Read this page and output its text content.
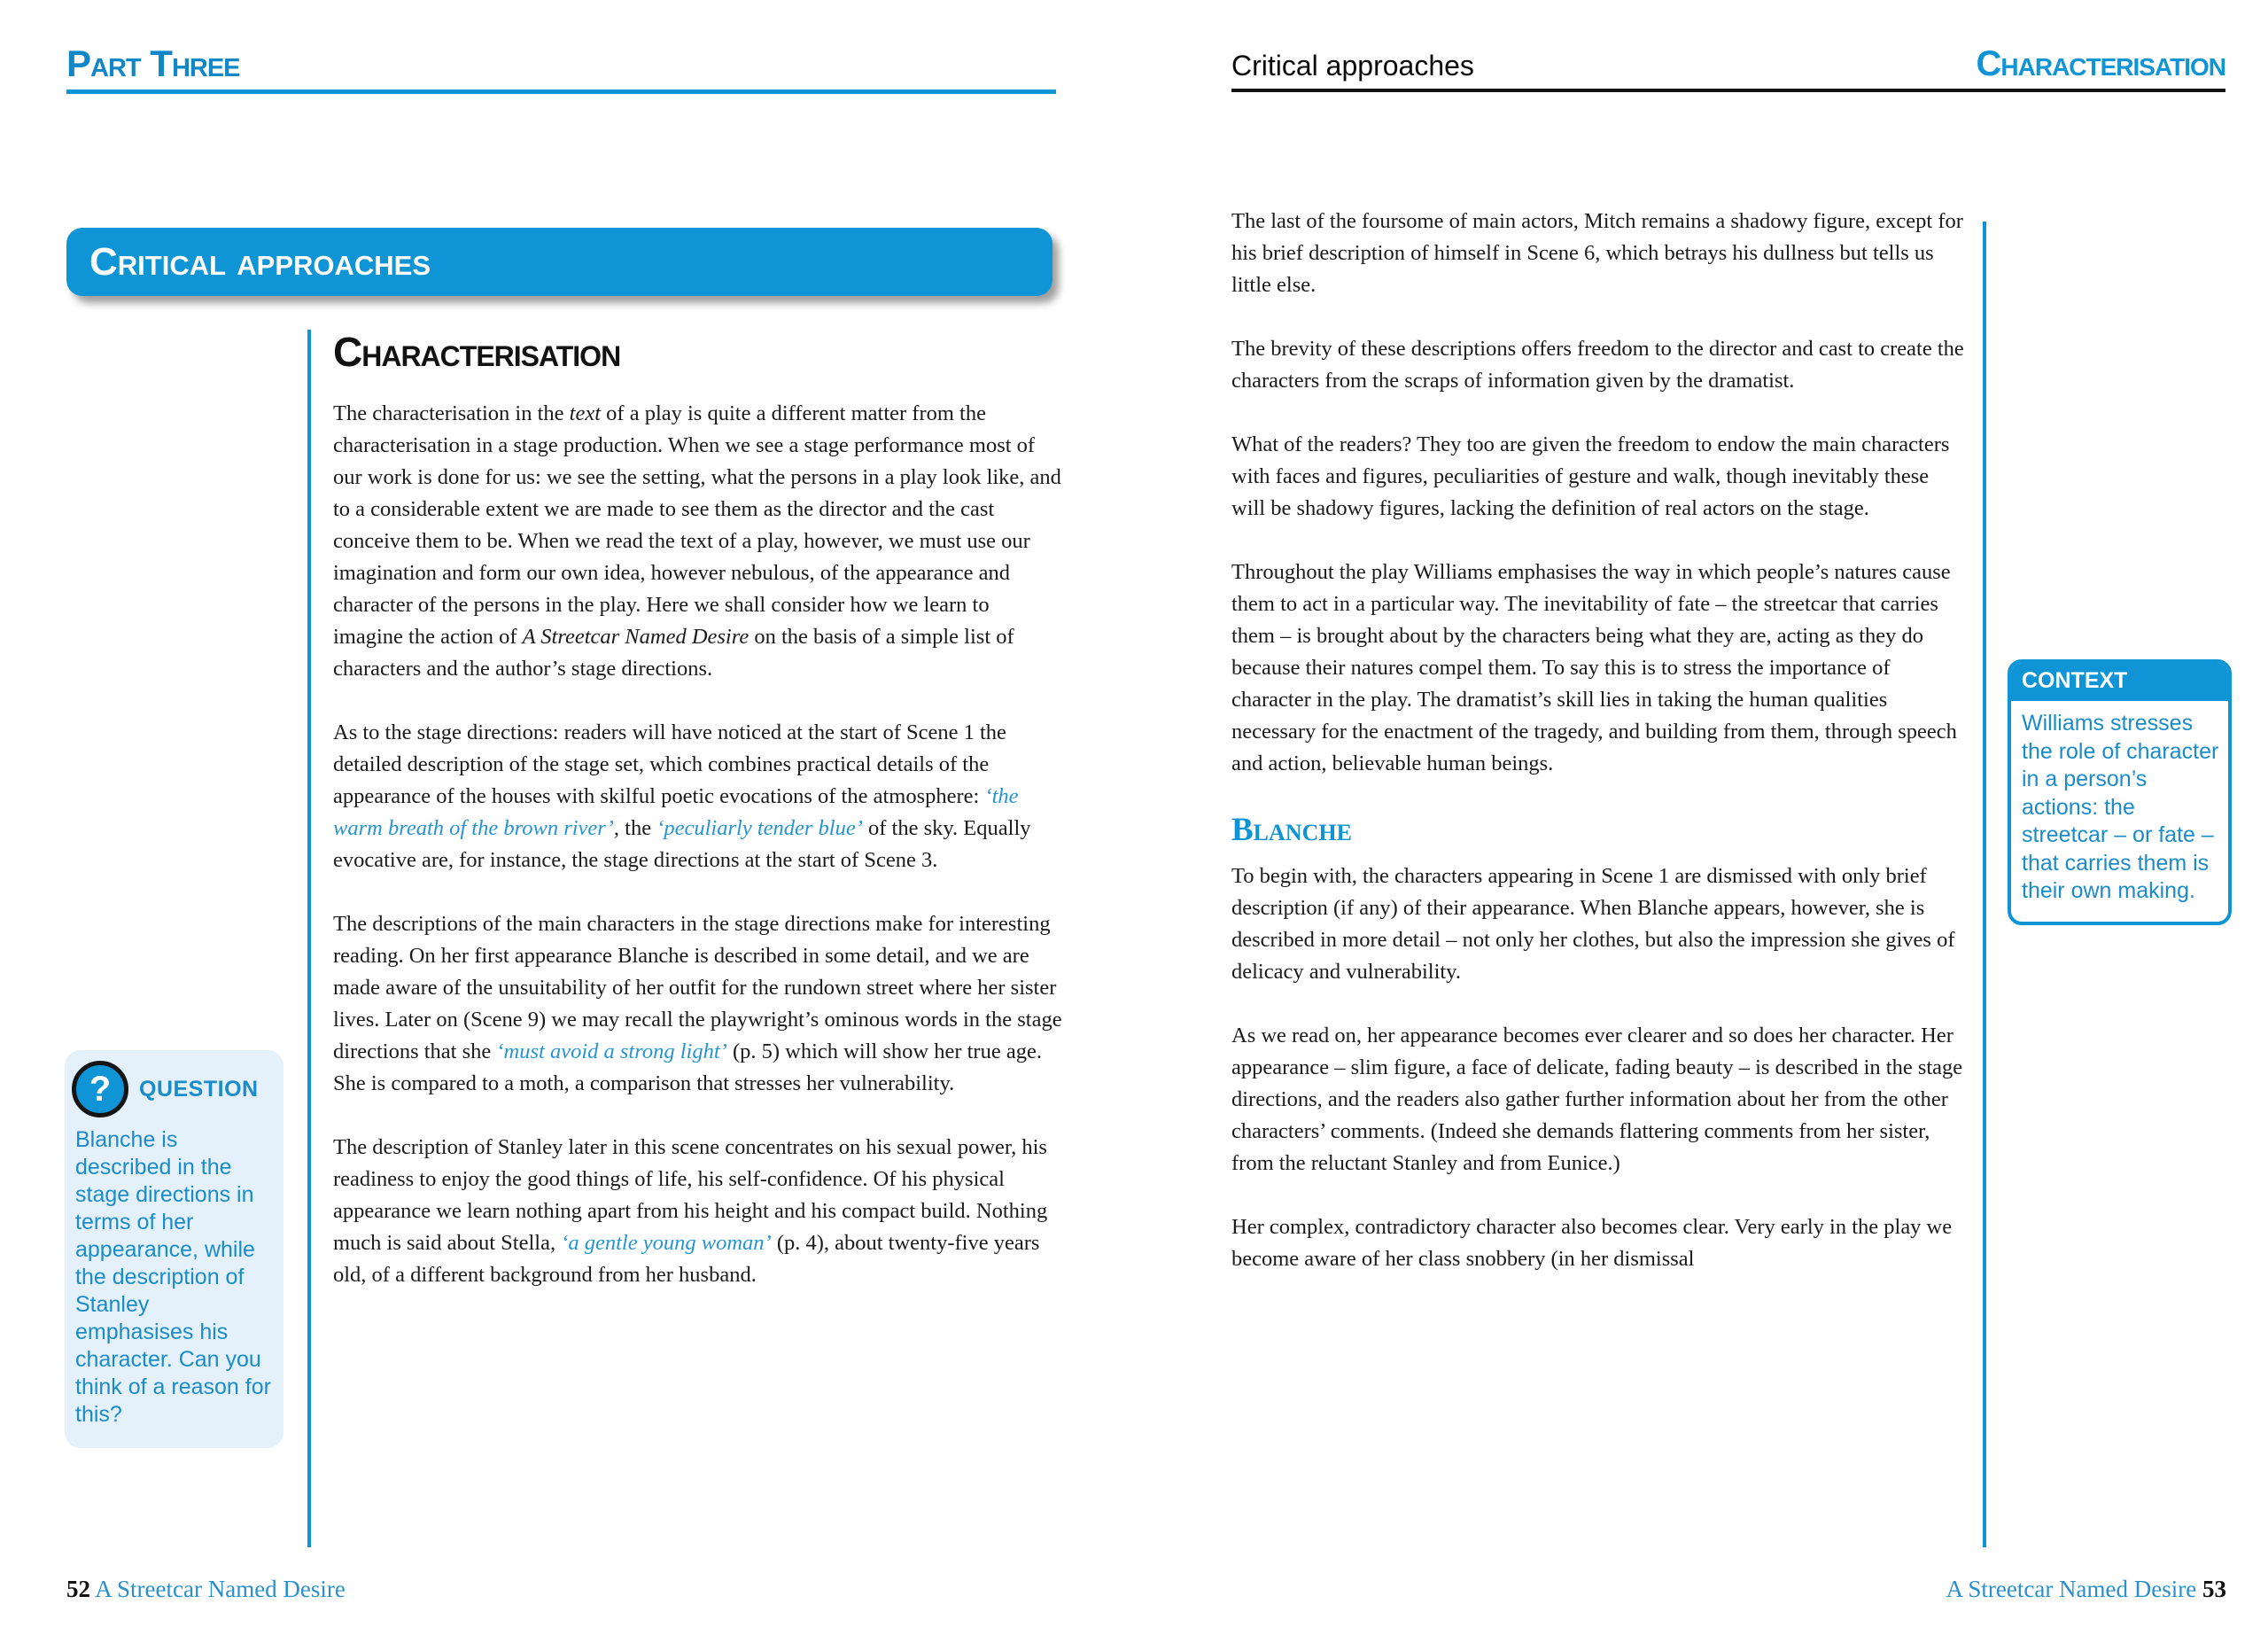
Part Three
Critical approaches
Characterisation

The characterisation in the text of a play is quite a different matter from the characterisation in a stage production. When we see a stage performance most of our work is done for us: we see the setting, what the persons in a play look like, and to a considerable extent we are made to see them as the director and the cast conceive them to be. When we read the text of a play, however, we must use our imagination and form our own idea, however nebulous, of the appearance and character of the persons in the play. Here we shall consider how we learn to imagine the action of A Streetcar Named Desire on the basis of a simple list of characters and the author’s stage directions.

As to the stage directions: readers will have noticed at the start of Scene 1 the detailed description of the stage set, which combines practical details of the appearance of the houses with skilful poetic evocations of the atmosphere: ‘the warm breath of the brown river’, the ‘peculiarly tender blue’ of the sky. Equally evocative are, for instance, the stage directions at the start of Scene 3.

The descriptions of the main characters in the stage directions make for interesting reading. On her first appearance Blanche is described in some detail, and we are made aware of the unsuitability of her outfit for the rundown street where her sister lives. Later on (Scene 9) we may recall the playwright’s ominous words in the stage directions that she ‘must avoid a strong light’ (p. 5) which will show her true age. She is compared to a moth, a comparison that stresses her vulnerability.

The description of Stanley later in this scene concentrates on his sexual power, his readiness to enjoy the good things of life, his self-confidence. Of his physical appearance we learn nothing apart from his height and his compact build. Nothing much is said about Stella, ‘a gentle young woman’ (p. 4), about twenty-five years old, of a different background from her husband.

?	QUESTION
Blanche is described in the stage directions in terms of her appearance, while the description of Stanley emphasises his character. Can you think of a reason for this?
52 A Streetcar Named Desire
Critical approaches	Characterisation

The last of the foursome of main actors, Mitch remains a shadowy figure, except for his brief description of himself in Scene 6, which betrays his dullness but tells us little else.

The brevity of these descriptions offers freedom to the director and cast to create the characters from the scraps of information given by the dramatist.

What of the readers? They too are given the freedom to endow the main characters with faces and figures, peculiarities of gesture and walk, though inevitably these will be shadowy figures, lacking the definition of real actors on the stage.

Throughout the play Williams emphasises the way in which people’s natures cause them to act in a particular way. The inevitability of fate – the streetcar that carries them – is brought about by the characters being what they are, acting as they do because their natures compel them. To say this is to stress the importance of character in the play. The dramatist’s skill lies in taking the human qualities necessary for the enactment of the tragedy, and building from them, through speech and action, believable human beings.

Blanche

To begin with, the characters appearing in Scene 1 are dismissed with only brief description (if any) of their appearance. When Blanche appears, however, she is described in more detail – not only her clothes, but also the impression she gives of delicacy and vulnerability.

As we read on, her appearance becomes ever clearer and so does her character. Her appearance – slim figure, a face of delicate, fading beauty – is described in the stage directions, and the readers also gather further information about her from the other characters’ comments. (Indeed she demands flattering comments from her sister, from the reluctant Stanley and from Eunice.)

Her complex, contradictory character also becomes clear. Very early in the play we become aware of her class snobbery (in her dismissal

CONTEXT
Williams stresses the role of character in a person’s actions: the streetcar – or fate – that carries them is their own making.
A Streetcar Named Desire 53
